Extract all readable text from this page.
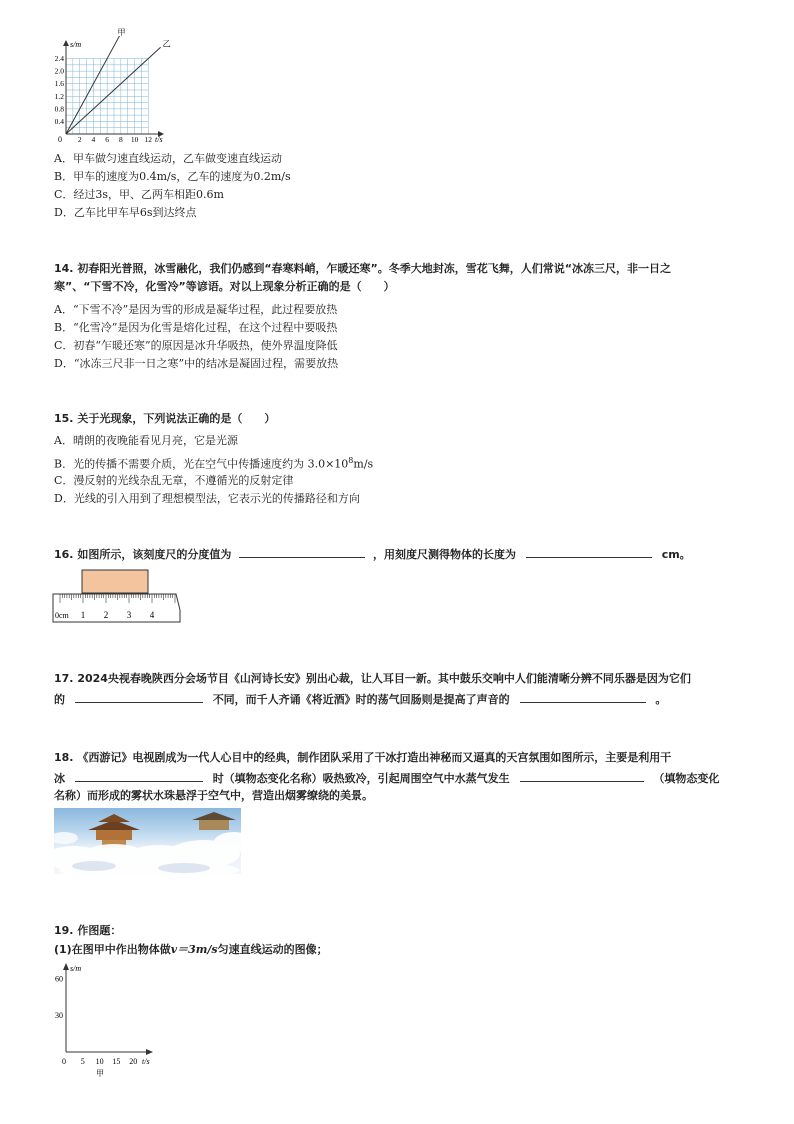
甲
乙
2 4 6 8 10 12
0.4
0.8
1.2
1.6
2.0
2.4
s/m
t/s
0
A．甲车做匀速直线运动，乙车做变速直线运动
B．甲车的速度为0.4m/s，乙车的速度为0.2m/s
C．经过3s，甲、乙两车相距0.6m
D．乙车比甲车早6s到达终点
14. 初春阳光普照，冰雪融化，我们仍感到“春寒料峭，乍暖还寒”。冬季大地封冻，雪花飞舞，人们常说“冰冻三尺，非一日之
寒”、“下雪不冷，化雪冷”等谚语。对以上现象分析正确的是（　　）
A．“下雪不冷”是因为雪的形成是凝华过程，此过程要放热
B．“化雪冷”是因为化雪是熔化过程，在这个过程中要吸热
C．初春“乍暖还寒”的原因是冰升华吸热，使外界温度降低
D．“冰冻三尺非一日之寒”中的结冰是凝固过程，需要放热
15. 关于光现象，下列说法正确的是（　　）
A．晴朗的夜晚能看见月亮，它是光源
B．光的传播不需要介质，光在空气中传播速度约为 $3.0\times 10^8m/s$
C．漫反射的光线杂乱无章，不遵循光的反射定律
D．光线的引入用到了理想模型法，它表示光的传播路径和方向
16. 如图所示，该刻度尺的分度值为	，用刻度尺测得物体的长度为	cm。
0cm 1 2 3 4
17. 2024央视春晚陕西分会场节目《山河诗长安》别出心裁，让人耳目一新。其中鼓乐交响中人们能清晰分辨不同乐器是因为它们
的	不同，而千人齐诵《将近酒》时的荡气回肠则是提高了声音的	。
18. 《西游记》电视剧成为一代人心目中的经典，制作团队采用了干冰打造出神秘而又逼真的天宫氛围如图所示，主要是利用干
冰	时（填物态变化名称）吸热致冷，引起周围空气中水蒸气发生	（填物态变化
名称）而形成的雾状水珠悬浮于空气中，营造出烟雾缭绕的美景。
19. 作图题：
(1)在图甲中作出物体做v＝3m/s匀速直线运动的图像；
s/m
t/s
0 5 10 15 20
30
60
甲
